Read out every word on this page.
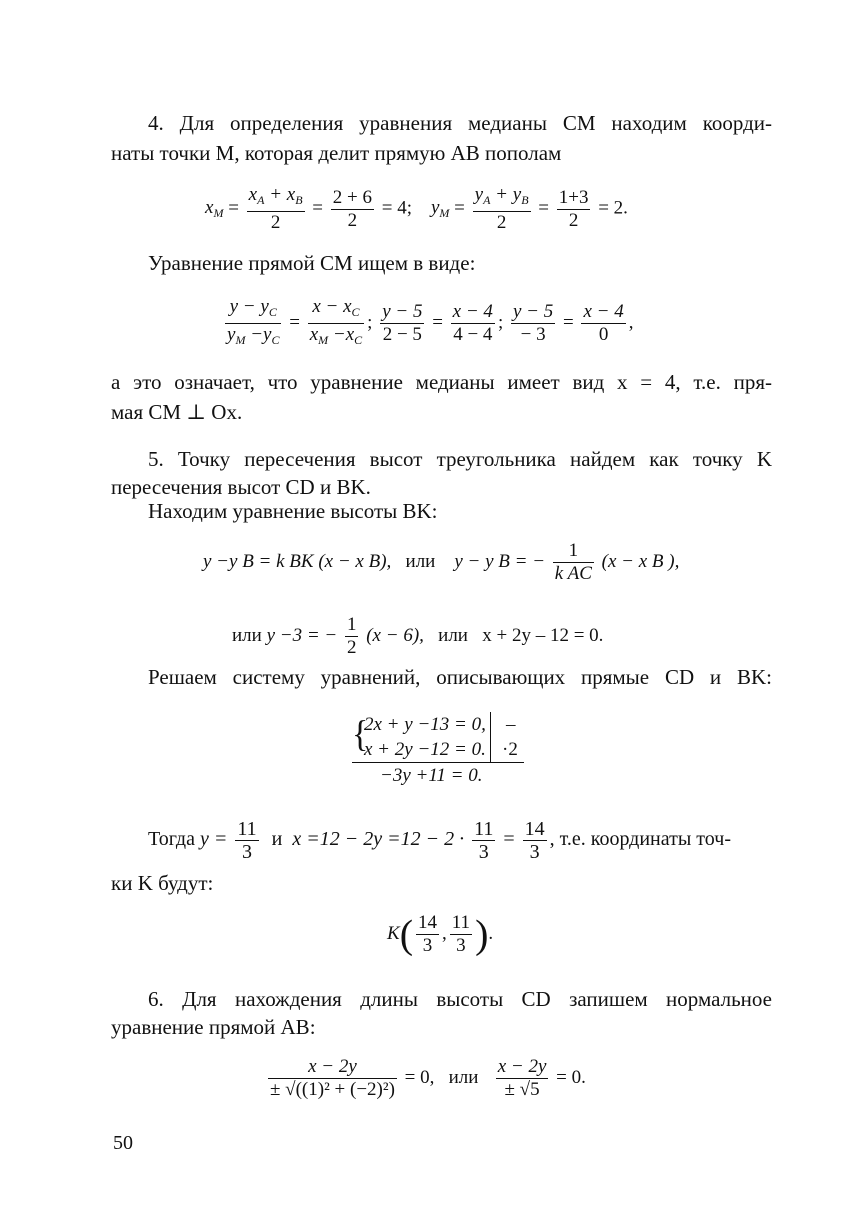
4. Для определения уравнения медианы CM находим коорди-
наты точки M, которая делит прямую AB пополам
$x_M = \frac{x_A + x_B}{2} = \frac{2 + 6}{2} = 4$; $y_M = \frac{y_A + y_B}{2} = \frac{1+3}{2} = 2$.
Уравнение прямой CM ищем в виде:
$\frac{y - y_C}{y_M -y_C} = \frac{x - x_C}{x_M -x_C}$ ; $\frac{y - 5}{2 - 5} = \frac{x - 4}{4 - 4}$ ; $\frac{y - 5}{- 3} = \frac{x - 4}{0}$ ,
а это означает, что уравнение медианы имеет вид x = 4, т.е. пря-
мая CM ⊥ Ox.
5. Точку пересечения высот треугольника найдем как точку K
пересечения высот CD и BK.
Находим уравнение высоты BK:
y −y B = k BK (x − x B), или y − y B = − $\frac{1}{\text{k AC}} (x - x$ B ),
или y −3 = − $\frac{1}{2} (x - 6)$, или x + 2y – 12 = 0.
Решаем систему уравнений, описывающих прямые CD и BK:
{
2x + y −13 = 0, –
x + 2y −12 = 0. ·2
−3y +11 = 0.
Тогда $y = \frac{11}{3}$ и $x =12 - 2y =12 - 2 \cdot \frac{11}{3} = \frac{14}{3}$ , т.е. координаты точ-
ки K будут:
$K( \frac{14}{3}$ , $\frac{11}{3}$ ).
6. Для нахождения длины высоты CD запишем нормальное
уравнение прямой AB:
$\frac{x - 2y}{\text{± √((1)² + (−2)²)}} = 0$, или $\frac{x - 2y}{\pm √5} = 0$.
50
